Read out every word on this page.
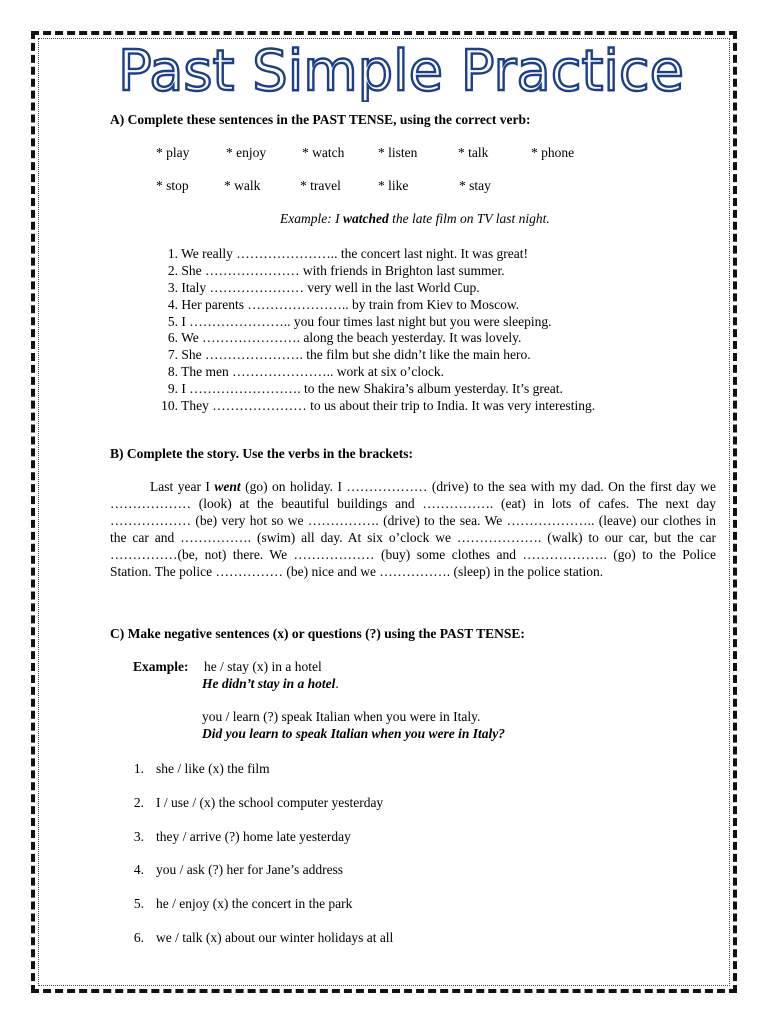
Past Simple Practice
A) Complete these sentences in the PAST TENSE, using the correct verb:
* play	* enjoy	* watch * listen	* talk	* phone
* stop	* walk	* travel	* like	* stay
Example: I watched the late film on TV last night.
1. We really ………………….. the concert last night. It was great!
2. She ………………… with friends in Brighton last summer.
3. Italy ………………… very well in the last World Cup.
4. Her parents ………………….. by train from Kiev to Moscow.
5. I ………………….. you four times last night but you were sleeping.
6. We …………………. along the beach yesterday. It was lovely.
7. She …………………. the film but she didn’t like the main hero.
8. The men ………………….. work at six o’clock.
9. I ……………………. to the new Shakira’s album yesterday. It’s great.
10. They ………………… to us about their trip to India. It was very interesting.
B) Complete the story. Use the verbs in the brackets:
Last year I went (go) on holiday. I ……………… (drive) to the sea with my dad. On the first day we ……………… (look) at the beautiful buildings and ……………. (eat) in lots of cafes. The next day ……………… (be) very hot so we ……………. (drive) to the sea. We ……………….. (leave) our clothes in the car and ……………. (swim) all day. At six o’clock we ………………. (walk) to our car, but the car ……………(be, not) there. We ……………… (buy) some clothes and ………………. (go) to the Police Station. The police …………… (be) nice and we ……………. (sleep) in the police station.
C) Make negative sentences (x) or questions (?) using the PAST TENSE:
Example: he / stay (x) in a hotel
He didn’t stay in a hotel.
you / learn (?) speak Italian when you were in Italy.
Did you learn to speak Italian when you were in Italy?
1. she / like (x) the film
2. I / use / (x) the school computer yesterday
3. they / arrive (?) home late yesterday
4. you / ask (?) her for Jane’s address
5. he / enjoy (x) the concert in the park
6. we / talk (x) about our winter holidays at all
